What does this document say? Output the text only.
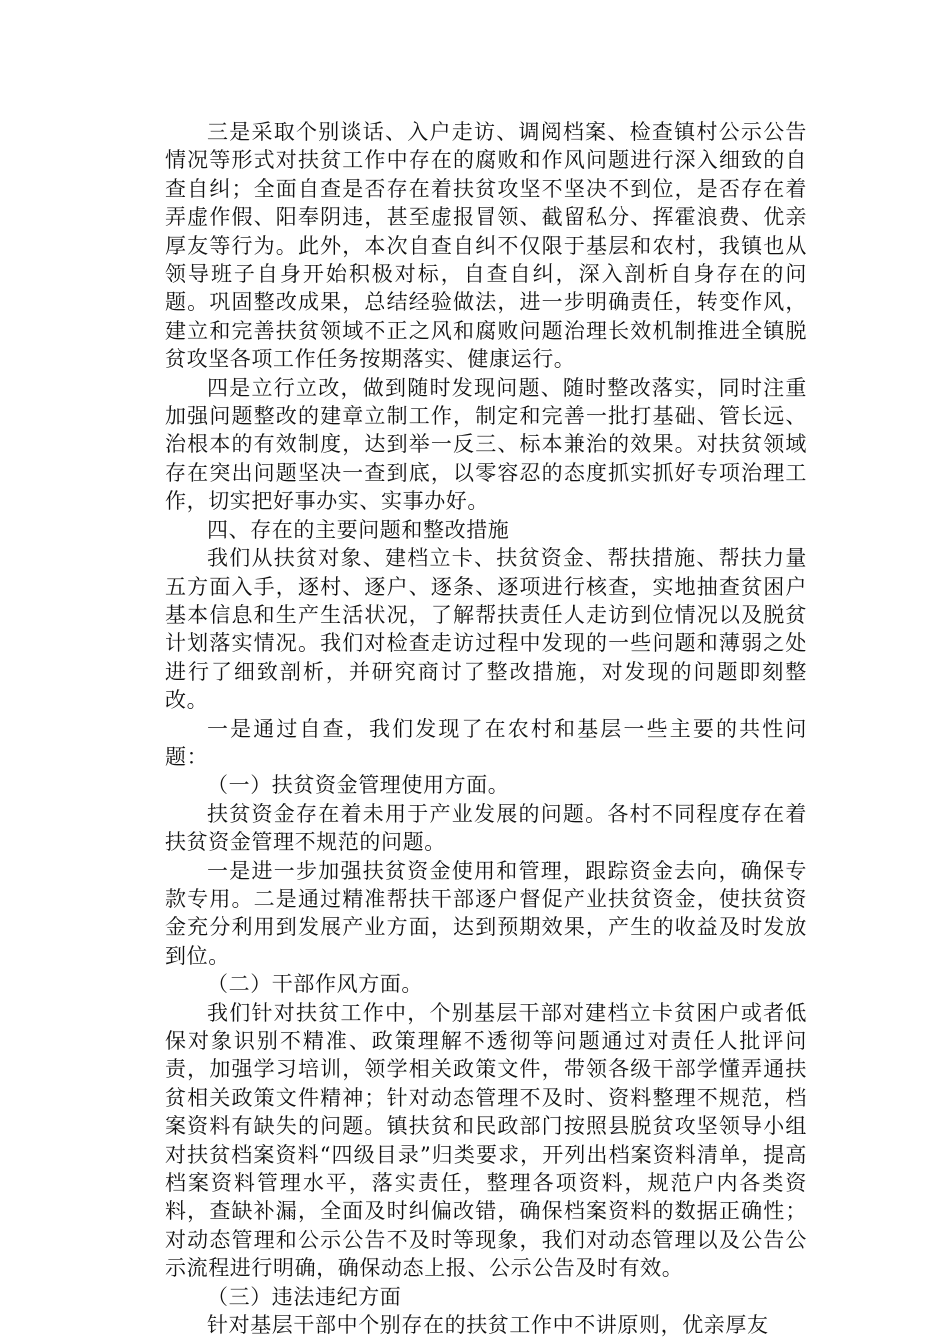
三是采取个别谈话、入户走访、调阅档案、检查镇村公示公告情况等形式对扶贫工作中存在的腐败和作风问题进行深入细致的自查自纠；全面自查是否存在着扶贫攻坚不坚决不到位，是否存在着弄虚作假、阳奉阴违，甚至虚报冒领、截留私分、挥霍浪费、优亲厚友等行为。此外，本次自查自纠不仅限于基层和农村，我镇也从领导班子自身开始积极对标，自查自纠，深入剖析自身存在的问题。巩固整改成果，总结经验做法，进一步明确责任，转变作风，建立和完善扶贫领域不正之风和腐败问题治理长效机制推进全镇脱贫攻坚各项工作任务按期落实、健康运行。

四是立行立改，做到随时发现问题、随时整改落实，同时注重加强问题整改的建章立制工作，制定和完善一批打基础、管长远、治根本的有效制度，达到举一反三、标本兼治的效果。对扶贫领域存在突出问题坚决一查到底，以零容忍的态度抓实抓好专项治理工作，切实把好事办实、实事办好。

四、存在的主要问题和整改措施

我们从扶贫对象、建档立卡、扶贫资金、帮扶措施、帮扶力量五方面入手，逐村、逐户、逐条、逐项进行核查，实地抽查贫困户基本信息和生产生活状况，了解帮扶责任人走访到位情况以及脱贫计划落实情况。我们对检查走访过程中发现的一些问题和薄弱之处进行了细致剖析，并研究商讨了整改措施，对发现的问题即刻整改。

一是通过自查，我们发现了在农村和基层一些主要的共性问题：

（一）扶贫资金管理使用方面。

扶贫资金存在着未用于产业发展的问题。各村不同程度存在着扶贫资金管理不规范的问题。

一是进一步加强扶贫资金使用和管理，跟踪资金去向，确保专款专用。二是通过精准帮扶干部逐户督促产业扶贫资金，使扶贫资金充分利用到发展产业方面，达到预期效果，产生的收益及时发放到位。

（二）干部作风方面。

我们针对扶贫工作中，个别基层干部对建档立卡贫困户或者低保对象识别不精准、政策理解不透彻等问题通过对责任人批评问责，加强学习培训，领学相关政策文件，带领各级干部学懂弄通扶贫相关政策文件精神；针对动态管理不及时、资料整理不规范，档案资料有缺失的问题。镇扶贫和民政部门按照县脱贫攻坚领导小组对扶贫档案资料“四级目录”归类要求，开列出档案资料清单，提高档案资料管理水平，落实责任，整理各项资料，规范户内各类资料，查缺补漏，全面及时纠偏改错，确保档案资料的数据正确性；对动态管理和公示公告不及时等现象，我们对动态管理以及公告公示流程进行明确，确保动态上报、公示公告及时有效。

（三）违法违纪方面

针对基层干部中个别存在的扶贫工作中不讲原则，优亲厚友
